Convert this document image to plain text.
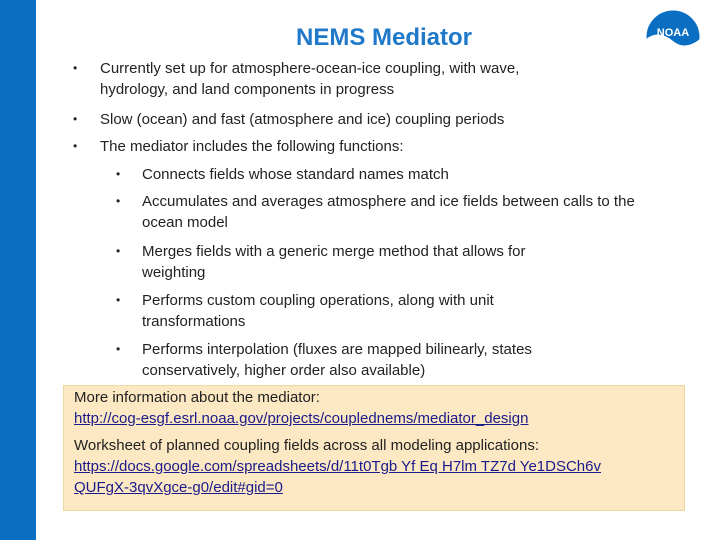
NEMS Mediator	NOAA
• Currently set up for atmosphere-ocean-ice coupling, with wave, hydrology, and land components in progress
• Slow (ocean) and fast (atmosphere and ice) coupling periods
• The mediator includes the following functions:
• Connects fields whose standard names match
• Accumulates and averages atmosphere and ice fields between calls to the ocean model
• Merges fields with a generic merge method that allows for weighting
• Performs custom coupling operations, along with unit transformations
• Performs interpolation (fluxes are mapped bilinearly, states conservatively, higher order also available)
More information about the mediator:
http://cog-esgf.esrl.noaa.gov/projects/couplednems/mediator_design
Worksheet of planned coupling fields across all modeling applications:
https://docs.google.com/spreadsheets/d/11t0Tgb Yf Eq H7lm TZ7d Ye1DSCh6v QUFgX-3qvXgce-g0/edit#gid=0
